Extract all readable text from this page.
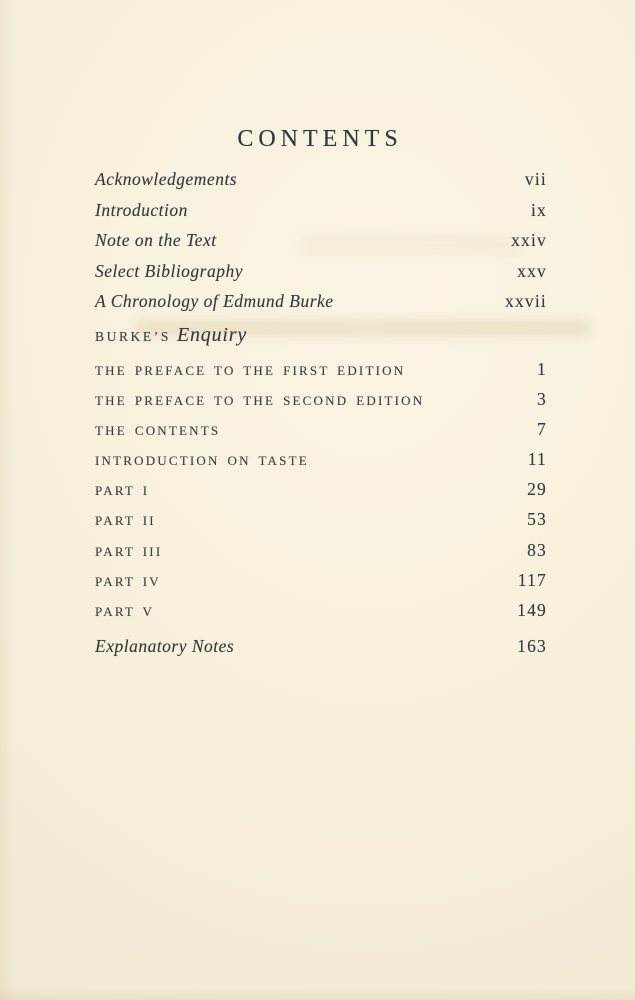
CONTENTS
Acknowledgements	vii
Introduction	ix
Note on the Text	xxiv
Select Bibliography	xxv
A Chronology of Edmund Burke	xxvii
BURKE’S Enquiry
THE PREFACE TO THE FIRST EDITION	1
THE PREFACE TO THE SECOND EDITION	3
THE CONTENTS	7
INTRODUCTION ON TASTE	11
PART I	29
PART II	53
PART III	83
PART IV	117
PART V	149
Explanatory Notes	163
